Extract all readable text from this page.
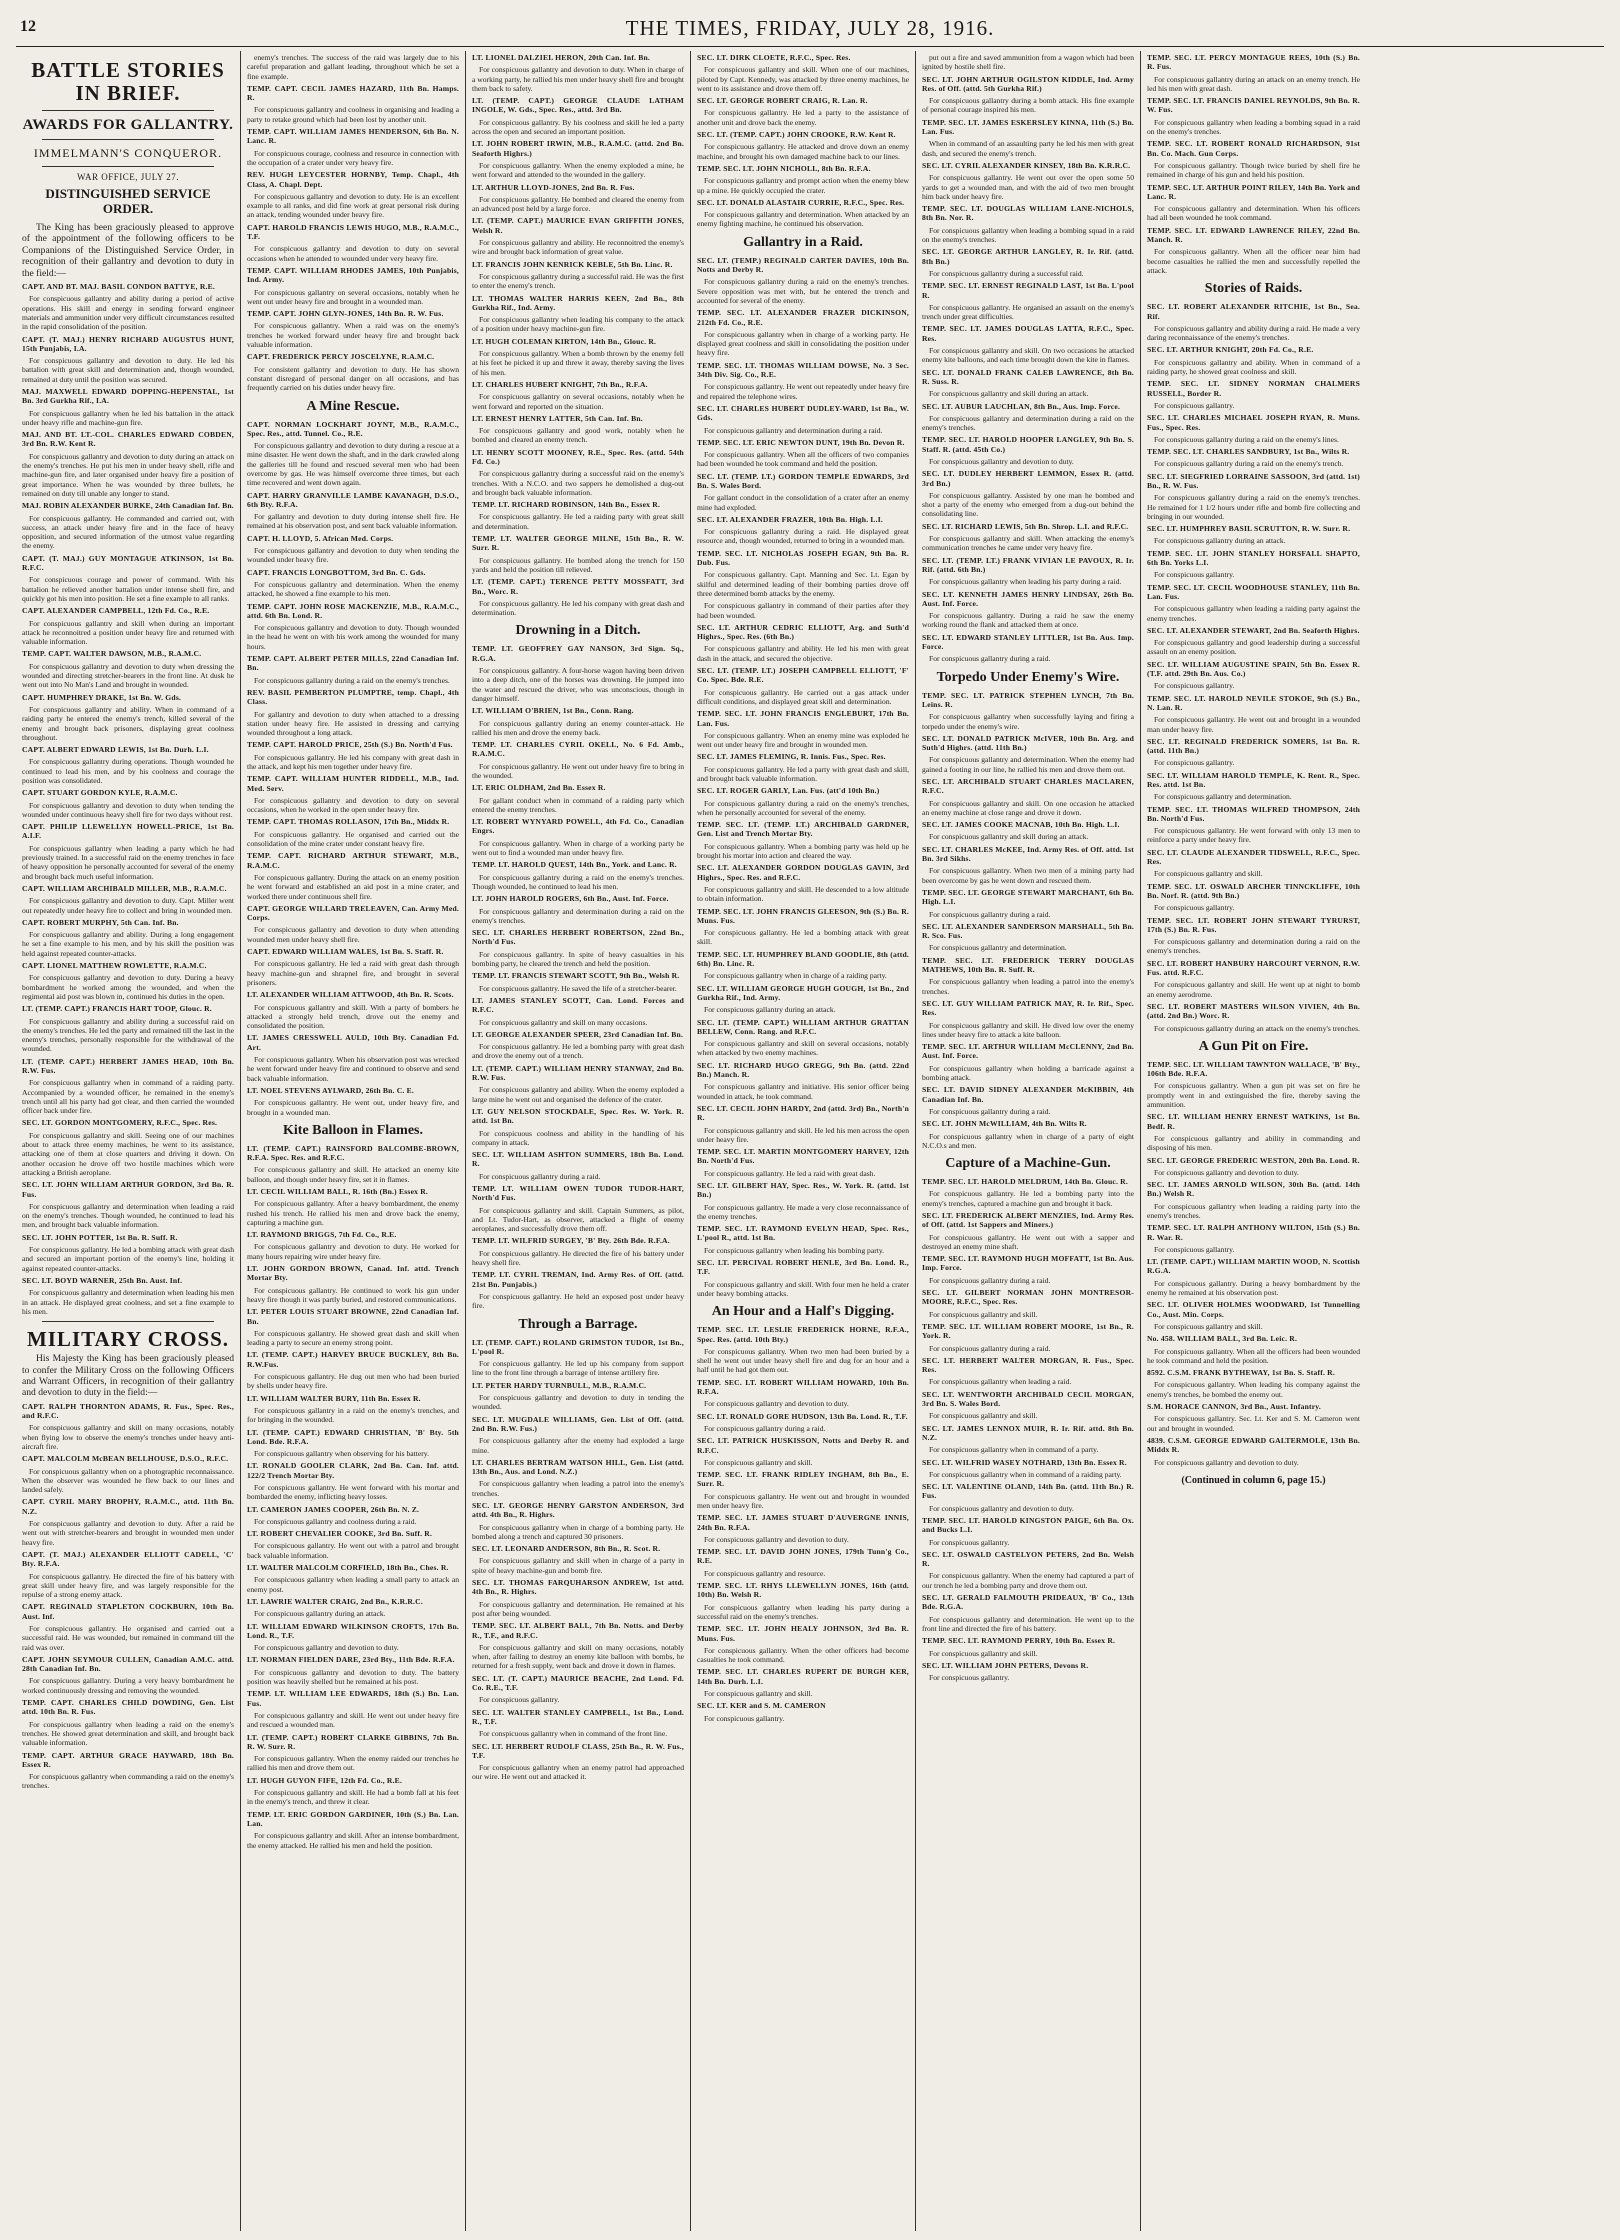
12	THE TIMES, FRIDAY, JULY 28, 1916.
BATTLE STORIES IN BRIEF.
AWARDS FOR GALLANTRY.
IMMELMANN'S CONQUEROR.
WAR OFFICE, JULY 27.
DISTINGUISHED SERVICE ORDER.

The King has been graciously pleased to approve of the appointment of the following officers to be Companions of the Distinguished Service Order, in recognition of their gallantry and devotion to duty in the field:—

CAPT. AND BT. MAJ. BASIL CONDON BATTYE, R.E.

For conspicuous gallantry and ability during a period of active operations. His skill and energy in sending forward engineer materials and ammunition under very difficult circumstances resulted in the rapid consolidation of the position.

CAPT. (T. MAJ.) HENRY RICHARD AUGUSTUS HUNT, 15th Punjabis, I.A.

For conspicuous gallantry and devotion to duty. He led his battalion with great skill and determination and, though wounded, remained at duty until the position was secured.

MAJ. MAXWELL EDWARD DOPPING-HEPENSTAL, 1st Bn. 3rd Gurkha Rif., I.A.

For conspicuous gallantry when he led his battalion in the attack under heavy rifle and machine-gun fire.

MAJ. AND BT. LT.-COL. CHARLES EDWARD COBDEN, 3rd Bn. R.W. Kent R.

For conspicuous gallantry and devotion to duty during an attack on the enemy's trenches. He put his men in under heavy shell, rifle and machine-gun fire, and later organised under heavy fire a position of great importance. When he was wounded by three bullets, he remained on duty till unable any longer to stand.

MAJ. ROBIN ALEXANDER BURKE, 24th Canadian Inf. Bn.

For conspicuous gallantry. He commanded and carried out, with success, an attack under heavy fire and in the face of heavy opposition, and secured information of the utmost value regarding the enemy.

CAPT. (T. MAJ.) GUY MONTAGUE ATKINSON, 1st Bn. R.F.C.

For conspicuous courage and power of command. With his battalion he relieved another battalion under intense shell fire, and quickly got his men into position. He set a fine example to all ranks.

CAPT. ALEXANDER CAMPBELL, 12th Fd. Co., R.E.

For conspicuous gallantry and skill when during an important attack he reconnoitred a position under heavy fire and returned with valuable information.

TEMP. CAPT. WALTER DAWSON, M.B., R.A.M.C.

For conspicuous gallantry and devotion to duty when dressing the wounded and directing stretcher-bearers in the front line. At dusk he went out into No Man's Land and brought in wounded.

CAPT. HUMPHREY DRAKE, 1st Bn. W. Gds.

For conspicuous gallantry and ability. When in command of a raiding party he entered the enemy's trench, killed several of the enemy and brought back prisoners, displaying great coolness throughout.

CAPT. ALBERT EDWARD LEWIS, 1st Bn. Durh. L.I.

For conspicuous gallantry during operations. Though wounded he continued to lead his men, and by his coolness and courage the position was consolidated.

CAPT. STUART GORDON KYLE, R.A.M.C.

For conspicuous gallantry and devotion to duty when tending the wounded under continuous heavy shell fire for two days without rest.

CAPT. PHILIP LLEWELLYN HOWELL-PRICE, 1st Bn. A.I.F.

For conspicuous gallantry when leading a party which he had previously trained. In a successful raid on the enemy trenches in face of heavy opposition he personally accounted for several of the enemy and brought back much useful information.

CAPT. WILLIAM ARCHIBALD MILLER, M.B., R.A.M.C.

For conspicuous gallantry and devotion to duty. Capt. Miller went out repeatedly under heavy fire to collect and bring in wounded men.

CAPT. ROBERT MURPHY, 5th Can. Inf. Bn.

For conspicuous gallantry and ability. During a long engagement he set a fine example to his men, and by his skill the position was held against repeated counter-attacks.

CAPT. LIONEL MATTHEW ROWLETTE, R.A.M.C.

For conspicuous gallantry and devotion to duty. During a heavy bombardment he worked among the wounded, and when the regimental aid post was blown in, continued his duties in the open.

LT. (TEMP. CAPT.) FRANCIS HART TOOP, Glouc. R.

For conspicuous gallantry and ability during a successful raid on the enemy's trenches. He led the party and remained till the last in the enemy's trenches, personally responsible for the withdrawal of the wounded.

LT. (TEMP. CAPT.) HERBERT JAMES HEAD, 10th Bn. R.W. Fus.

For conspicuous gallantry when in command of a raiding party. Accompanied by a wounded officer, he remained in the enemy's trench until all his party had got clear, and then carried the wounded officer back under fire.

SEC. LT. GORDON MONTGOMERY, R.F.C., Spec. Res.

For conspicuous gallantry and skill. Seeing one of our machines about to attack three enemy machines, he went to its assistance, attacking one of them at close quarters and driving it down. On another occasion he drove off two hostile machines which were attacking a British aeroplane.

SEC. LT. JOHN WILLIAM ARTHUR GORDON, 3rd Bn. R. Fus.

For conspicuous gallantry and determination when leading a raid on the enemy's trenches. Though wounded, he continued to lead his men, and brought back valuable information.

SEC. LT. JOHN POTTER, 1st Bn. R. Suff. R.

For conspicuous gallantry. He led a bombing attack with great dash and secured an important portion of the enemy's line, holding it against repeated counter-attacks.

SEC. LT. BOYD WARNER, 25th Bn. Aust. Inf.

For conspicuous gallantry and determination when leading his men in an attack. He displayed great coolness, and set a fine example to his men.

MILITARY CROSS.

His Majesty the King has been graciously pleased to confer the Military Cross on the following Officers and Warrant Officers, in recognition of their gallantry and devotion to duty in the field:—

CAPT. RALPH THORNTON ADAMS, R. Fus., Spec. Res., and R.F.C.

For conspicuous gallantry and skill on many occasions, notably when flying low to observe the enemy's trenches under heavy anti-aircraft fire.

CAPT. MALCOLM McBEAN BELLHOUSE, D.S.O., R.F.C.

For conspicuous gallantry when on a photographic reconnaissance. When the observer was wounded he flew back to our lines and landed safely.

CAPT. CYRIL MARY BROPHY, R.A.M.C., attd. 11th Bn. N.Z.

For conspicuous gallantry and devotion to duty. After a raid he went out with stretcher-bearers and brought in wounded men under heavy fire.

CAPT. (T. MAJ.) ALEXANDER ELLIOTT CADELL, 'C' Bty. R.F.A.

For conspicuous gallantry. He directed the fire of his battery with great skill under heavy fire, and was largely responsible for the repulse of a strong enemy attack.

CAPT. REGINALD STAPLETON COCKBURN, 10th Bn. Aust. Inf.

For conspicuous gallantry. He organised and carried out a successful raid. He was wounded, but remained in command till the raid was over.

CAPT. JOHN SEYMOUR CULLEN, Canadian A.M.C. attd. 28th Canadian Inf. Bn.

For conspicuous gallantry. During a very heavy bombardment he worked continuously dressing and removing the wounded.

TEMP. CAPT. CHARLES CHILD DOWDING, Gen. List attd. 10th Bn. R. Fus.

For conspicuous gallantry when leading a raid on the enemy's trenches. He showed great determination and skill, and brought back valuable information.

TEMP. CAPT. ARTHUR GRACE HAYWARD, 18th Bn. Essex R.

For conspicuous gallantry when commanding a raid on the enemy's trenches.

enemy's trenches. The success of the raid was largely due to his careful preparation and gallant leading, throughout which he set a fine example.

TEMP. CAPT. CECIL JAMES HAZARD, 11th Bn. Hamps. R.

For conspicuous gallantry and coolness in organising and leading a party to retake ground which had been lost by another unit.

TEMP. CAPT. WILLIAM JAMES HENDERSON, 6th Bn. N. Lanc. R.

For conspicuous courage, coolness and resource in connection with the occupation of a crater under very heavy fire.

REV. HUGH LEYCESTER HORNBY, Temp. Chapl., 4th Class, A. Chapl. Dept.

For conspicuous gallantry and devotion to duty. He is an excellent example to all ranks, and did fine work at great personal risk during an attack, tending wounded under heavy fire.

CAPT. HAROLD FRANCIS LEWIS HUGO, M.B., R.A.M.C., T.F.

For conspicuous gallantry and devotion to duty on several occasions when he attended to wounded under very heavy fire.

TEMP. CAPT. WILLIAM RHODES JAMES, 10th Punjabis, Ind. Army.

For conspicuous gallantry on several occasions, notably when he went out under heavy fire and brought in a wounded man.

TEMP. CAPT. JOHN GLYN-JONES, 14th Bn. R. W. Fus.

For conspicuous gallantry. When a raid was on the enemy's trenches he worked forward under heavy fire and brought back valuable information.

CAPT. FREDERICK PERCY JOSCELYNE, R.A.M.C.

For consistent gallantry and devotion to duty. He has shown constant disregard of personal danger on all occasions, and has frequently carried on his duties under heavy fire.

A Mine Rescue.

CAPT. NORMAN LOCKHART JOYNT, M.B., R.A.M.C., Spec. Res., attd. Tunnel. Co., R.E.

For conspicuous gallantry and devotion to duty during a rescue at a mine disaster. He went down the shaft, and in the dark crawled along the galleries till he found and rescued several men who had been overcome by gas. He was himself overcome three times, but each time recovered and went down again.

CAPT. HARRY GRANVILLE LAMBE KAVANAGH, D.S.O., 6th Bty. R.F.A.

For gallantry and devotion to duty during intense shell fire. He remained at his observation post, and sent back valuable information.

CAPT. H. LLOYD, 5. African Med. Corps.

For conspicuous gallantry and devotion to duty when tending the wounded under heavy fire.

CAPT. FRANCIS LONGBOTTOM, 3rd Bn. C. Gds.

For conspicuous gallantry and determination. When the enemy attacked, he showed a fine example to his men.

TEMP. CAPT. JOHN ROSE MACKENZIE, M.B., R.A.M.C., attd. 6th Bn. Lond. R.

For conspicuous gallantry and devotion to duty. Though wounded in the head he went on with his work among the wounded for many hours.

TEMP. CAPT. ALBERT PETER MILLS, 22nd Canadian Inf. Bn.

For conspicuous gallantry during a raid on the enemy's trenches.

REV. BASIL PEMBERTON PLUMPTRE, temp. Chapl., 4th Class.

For gallantry and devotion to duty when attached to a dressing station under heavy fire. He assisted in dressing and carrying wounded throughout a long attack.

TEMP. CAPT. HAROLD PRICE, 25th (S.) Bn. North'd Fus.

For conspicuous gallantry. He led his company with great dash in the attack, and kept his men together under heavy fire.

TEMP. CAPT. WILLIAM HUNTER RIDDELL, M.B., Ind. Med. Serv.

For conspicuous gallantry and devotion to duty on several occasions, when he worked in the open under heavy fire.

TEMP. CAPT. THOMAS ROLLASON, 17th Bn., Middx R.

For conspicuous gallantry. He organised and carried out the consolidation of the mine crater under constant heavy fire.

TEMP. CAPT. RICHARD ARTHUR STEWART, M.B., R.A.M.C.

For conspicuous gallantry. During the attack on an enemy position he went forward and established an aid post in a mine crater, and worked there under continuous shell fire.

CAPT. GEORGE WILLARD TRELEAVEN, Can. Army Med. Corps.

For conspicuous gallantry and devotion to duty when attending wounded men under heavy shell fire.

CAPT. EDWARD WILLIAM WALES, 1st Bn. S. Staff. R.

For conspicuous gallantry. He led a raid with great dash through heavy machine-gun and shrapnel fire, and brought in several prisoners.

LT. ALEXANDER WILLIAM ATTWOOD, 4th Bn. R. Scots.

For conspicuous gallantry and skill. With a party of bombers he attacked a strongly held trench, drove out the enemy and consolidated the position.

LT. JAMES CRESSWELL AULD, 10th Bty. Canadian Fd. Art.

For conspicuous gallantry. When his observation post was wrecked he went forward under heavy fire and continued to observe and send back valuable information.

LT. NOEL STEVENS AYLWARD, 26th Bn. C. E.

For conspicuous gallantry. He went out, under heavy fire, and brought in a wounded man.

Kite Balloon in Flames.

LT. (TEMP. CAPT.) RAINSFORD BALCOMBE-BROWN, R.F.A. Spec. Res. and R.F.C.

For conspicuous gallantry and skill. He attacked an enemy kite balloon, and though under heavy fire, set it in flames.

LT. CECIL WILLIAM BALL, R. 16th (Bn.) Essex R.

For conspicuous gallantry. After a heavy bombardment, the enemy rushed his trench. He rallied his men and drove back the enemy, capturing a machine gun.

LT. RAYMOND BRIGGS, 7th Fd. Co., R.E.

For conspicuous gallantry and devotion to duty. He worked for many hours repairing wire under heavy fire.

LT. JOHN GORDON BROWN, Canad. Inf. attd. Trench Mortar Bty.

For conspicuous gallantry. He continued to work his gun under heavy fire though it was partly buried, and restored communications.

LT. PETER LOUIS STUART BROWNE, 22nd Canadian Inf. Bn.

For conspicuous gallantry. He showed great dash and skill when leading a party to secure an enemy strong point.

LT. (TEMP. CAPT.) HARVEY BRUCE BUCKLEY, 8th Bn. R.W.Fus.

For conspicuous gallantry. He dug out men who had been buried by shells under heavy fire.

LT. WILLIAM WALTER BURY, 11th Bn. Essex R.

For conspicuous gallantry in a raid on the enemy's trenches, and for bringing in the wounded.

LT. (TEMP. CAPT.) EDWARD CHRISTIAN, 'B' Bty. 5th Lond. Bde. R.F.A.

For conspicuous gallantry when observing for his battery.

LT. RONALD GOOLER CLARK, 2nd Bn. Can. Inf. attd. 122/2 Trench Mortar Bty.

For conspicuous gallantry. He went forward with his mortar and bombarded the enemy, inflicting heavy losses.

LT. CAMERON JAMES COOPER, 26th Bn. N. Z.

For conspicuous gallantry and coolness during a raid.

LT. ROBERT CHEVALIER COOKE, 3rd Bn. Suff. R.

For conspicuous gallantry. He went out with a patrol and brought back valuable information.

LT. WALTER MALCOLM CORFIELD, 18th Bn., Ches. R.

For conspicuous gallantry when leading a small party to attack an enemy post.

LT. LAWRIE WALTER CRAIG, 2nd Bn., K.R.R.C.

For conspicuous gallantry during an attack.

LT. WILLIAM EDWARD WILKINSON CROFTS, 17th Bn. Lond. R., T.F.

For conspicuous gallantry and devotion to duty.

LT. NORMAN FIELDEN DARE, 23rd Bty., 11th Bde. R.F.A.

For conspicuous gallantry and devotion to duty. The battery position was heavily shelled but he remained at his post.

TEMP. LT. WILLIAM LEE EDWARDS, 18th (S.) Bn. Lan. Fus.

For conspicuous gallantry and skill. He went out under heavy fire and rescued a wounded man.

LT. (TEMP. CAPT.) ROBERT CLARKE GIBBINS, 7th Bn. R. W. Surr. R.

For conspicuous gallantry. When the enemy raided our trenches he rallied his men and drove them out.

LT. HUGH GUYON FIFE, 12th Fd. Co., R.E.

For conspicuous gallantry and skill. He had a bomb fall at his feet in the enemy's trench, and threw it clear.

TEMP. LT. ERIC GORDON GARDINER, 10th (S.) Bn. Lan. Lan.

For conspicuous gallantry and skill. After an intense bombardment, the enemy attacked. He rallied his men and held the position.

LT. LIONEL DALZIEL HERON, 20th Can. Inf. Bn.

For conspicuous gallantry and devotion to duty. When in charge of a working party, he rallied his men under heavy shell fire and brought them back to safety.

LT. (TEMP. CAPT.) GEORGE CLAUDE LATHAM INGOLE, W. Gds., Spec. Res., attd. 3rd Bn.

For conspicuous gallantry. By his coolness and skill he led a party across the open and secured an important position.

LT. JOHN ROBERT IRWIN, M.B., R.A.M.C. (attd. 2nd Bn. Seaforth Highrs.)

For conspicuous gallantry. When the enemy exploded a mine, he went forward and attended to the wounded in the gallery.

LT. ARTHUR LLOYD-JONES, 2nd Bn. R. Fus.

For conspicuous gallantry. He bombed and cleared the enemy from an advanced post held by a large force.

LT. (TEMP. CAPT.) MAURICE EVAN GRIFFITH JONES, Welsh R.

For conspicuous gallantry and ability. He reconnoitred the enemy's wire and brought back information of great value.

LT. FRANCIS JOHN KENRICK KEBLE, 5th Bn. Linc. R.

For conspicuous gallantry during a successful raid. He was the first to enter the enemy's trench.

LT. THOMAS WALTER HARRIS KEEN, 2nd Bn., 8th Gurkha Rif., Ind. Army.

For conspicuous gallantry when leading his company to the attack of a position under heavy machine-gun fire.

LT. HUGH COLEMAN KIRTON, 14th Bn., Glouc. R.

For conspicuous gallantry. When a bomb thrown by the enemy fell at his feet he picked it up and threw it away, thereby saving the lives of his men.

LT. CHARLES HUBERT KNIGHT, 7th Bn., R.F.A.

For conspicuous gallantry on several occasions, notably when he went forward and reported on the situation.

LT. ERNEST HENRY LATTER, 5th Can. Inf. Bn.

For conspicuous gallantry and good work, notably when he bombed and cleared an enemy trench.

LT. HENRY SCOTT MOONEY, R.E., Spec. Res. (attd. 54th Fd. Co.)

For conspicuous gallantry during a successful raid on the enemy's trenches. With a N.C.O. and two sappers he demolished a dug-out and brought back valuable information.

TEMP. LT. RICHARD ROBINSON, 14th Bn., Essex R.

For conspicuous gallantry. He led a raiding party with great skill and determination.

TEMP. LT. WALTER GEORGE MILNE, 15th Bn., R. W. Surr. R.

For conspicuous gallantry. He bombed along the trench for 150 yards and held the position till relieved.

LT. (TEMP. CAPT.) TERENCE PETTY MOSSFATT, 3rd Bn., Worc. R.

For conspicuous gallantry. He led his company with great dash and determination.

Drowning in a Ditch.

TEMP. LT. GEOFFREY GAY NANSON, 3rd Sign. Sq., R.G.A.

For conspicuous gallantry. A four-horse wagon having been driven into a deep ditch, one of the horses was drowning. He jumped into the water and rescued the driver, who was unconscious, though in danger himself.

LT. WILLIAM O'BRIEN, 1st Bn., Conn. Rang.

For conspicuous gallantry during an enemy counter-attack. He rallied his men and drove the enemy back.

TEMP. LT. CHARLES CYRIL OKELL, No. 6 Fd. Amb., R.A.M.C.

For conspicuous gallantry. He went out under heavy fire to bring in the wounded.

LT. ERIC OLDHAM, 2nd Bn. Essex R.

For gallant conduct when in command of a raiding party which entered the enemy trenches.

LT. ROBERT WYNYARD POWELL, 4th Fd. Co., Canadian Engrs.

For conspicuous gallantry. When in charge of a working party he went out to find a wounded man under heavy fire.

TEMP. LT. HAROLD QUEST, 14th Bn., York. and Lanc. R.

For conspicuous gallantry during a raid on the enemy's trenches. Though wounded, he continued to lead his men.

LT. JOHN HAROLD ROGERS, 6th Bn., Aust. Inf. Force.

For conspicuous gallantry and determination during a raid on the enemy's trenches.

SEC. LT. CHARLES HERBERT ROBERTSON, 22nd Bn., North'd Fus.

For conspicuous gallantry. In spite of heavy casualties in his bombing party, he cleared the trench and held the position.

TEMP. LT. FRANCIS STEWART SCOTT, 9th Bn., Welsh R.

For conspicuous gallantry. He saved the life of a stretcher-bearer.

LT. JAMES STANLEY SCOTT, Can. Lond. Forces and R.F.C.

For conspicuous gallantry and skill on many occasions.

LT. GEORGE ALEXANDER SPEER, 23rd Canadian Inf. Bn.

For conspicuous gallantry. He led a bombing party with great dash and drove the enemy out of a trench.

LT. (TEMP. CAPT.) WILLIAM HENRY STANWAY, 2nd Bn. R.W. Fus.

For conspicuous gallantry and ability. When the enemy exploded a large mine he went out and organised the defence of the crater.

LT. GUY NELSON STOCKDALE, Spec. Res. W. York. R. attd. 1st Bn.

For conspicuous coolness and ability in the handling of his company in attack.

SEC. LT. WILLIAM ASHTON SUMMERS, 18th Bn. Lond. R.

For conspicuous gallantry during a raid.

TEMP. LT. WILLIAM OWEN TUDOR TUDOR-HART, North'd Fus.

For conspicuous gallantry and skill. Captain Summers, as pilot, and Lt. Tudor-Hart, as observer, attacked a flight of enemy aeroplanes, and successfully drove them off.

TEMP. LT. WILFRID SURGEY, 'B' Bty. 26th Bde. R.F.A.

For conspicuous gallantry. He directed the fire of his battery under heavy shell fire.

TEMP. LT. CYRIL TREMAN, Ind. Army Res. of Off. (attd. 21st Bn. Punjabis.)

For conspicuous gallantry. He held an exposed post under heavy fire.

Through a Barrage.

LT. (TEMP. CAPT.) ROLAND GRIMSTON TUDOR, 1st Bn., L'pool R.

For conspicuous gallantry. He led up his company from support line to the front line through a barrage of intense artillery fire.

LT. PETER HARDY TURNBULL, M.B., R.A.M.C.

For conspicuous gallantry and devotion to duty in tending the wounded.

SEC. LT. MUGDALE WILLIAMS, Gen. List of Off. (attd. 2nd Bn. R.W. Fus.)

For conspicuous gallantry after the enemy had exploded a large mine.

LT. CHARLES BERTRAM WATSON HILL, Gen. List (attd. 13th Bn., Aus. and Lond. N.Z.)

For conspicuous gallantry when leading a patrol into the enemy's trenches.

SEC. LT. GEORGE HENRY GARSTON ANDERSON, 3rd attd. 4th Bn., R. Highrs.

For conspicuous gallantry when in charge of a bombing party. He bombed along a trench and captured 30 prisoners.

SEC. LT. LEONARD ANDERSON, 8th Bn., R. Scot. R.

For conspicuous gallantry and skill when in charge of a party in spite of heavy machine-gun and bomb fire.

SEC. LT. THOMAS FARQUHARSON ANDREW, 1st attd. 4th Bn., R. Highrs.

For conspicuous gallantry and determination. He remained at his post after being wounded.

TEMP. SEC. LT. ALBERT BALL, 7th Bn. Notts. and Derby R., T.F., and R.F.C.

For conspicuous gallantry and skill on many occasions, notably when, after failing to destroy an enemy kite balloon with bombs, he returned for a fresh supply, went back and drove it down in flames.

SEC. LT. (T. CAPT.) MAURICE BEACHE, 2nd Lond. Fd. Co. R.E., T.F.

For conspicuous gallantry.

SEC. LT. WALTER STANLEY CAMPBELL, 1st Bn., Lond. R., T.F.

For conspicuous gallantry when in command of the front line.

SEC. LT. HERBERT RUDOLF CLASS, 25th Bn., R. W. Fus., T.F.

For conspicuous gallantry when an enemy patrol had approached our wire. He went out and attacked it.

SEC. LT. DIRK CLOETE, R.F.C., Spec. Res.

For conspicuous gallantry and skill. When one of our machines, piloted by Capt. Kennedy, was attacked by three enemy machines, he went to its assistance and drove them off.

SEC. LT. GEORGE ROBERT CRAIG, R. Lan. R.

For conspicuous gallantry. He led a party to the assistance of another unit and drove back the enemy.

SEC. LT. (TEMP. CAPT.) JOHN CROOKE, R.W. Kent R.

For conspicuous gallantry. He attacked and drove down an enemy machine, and brought his own damaged machine back to our lines.

TEMP. SEC. LT. JOHN NICHOLL, 8th Bn. R.F.A.

For conspicuous gallantry and prompt action when the enemy blew up a mine. He quickly occupied the crater.

SEC. LT. DONALD ALASTAIR CURRIE, R.F.C., Spec. Res.

For conspicuous gallantry and determination. When attacked by an enemy fighting machine, he continued his observation.

Gallantry in a Raid.

SEC. LT. (TEMP.) REGINALD CARTER DAVIES, 10th Bn. Notts and Derby R.

For conspicuous gallantry during a raid on the enemy's trenches. Severe opposition was met with, but he entered the trench and accounted for several of the enemy.

TEMP. SEC. LT. ALEXANDER FRAZER DICKINSON, 212th Fd. Co., R.E.

For conspicuous gallantry when in charge of a working party. He displayed great coolness and skill in consolidating the position under heavy fire.

TEMP. SEC. LT. THOMAS WILLIAM DOWSE, No. 3 Sec. 34th Div. Sig. Co., R.E.

For conspicuous gallantry. He went out repeatedly under heavy fire and repaired the telephone wires.

SEC. LT. CHARLES HUBERT DUDLEY-WARD, 1st Bn., W. Gds.

For conspicuous gallantry and determination during a raid.

TEMP. SEC. LT. ERIC NEWTON DUNT, 19th Bn. Devon R.

For conspicuous gallantry. When all the officers of two companies had been wounded he took command and held the position.

SEC. LT. (TEMP. LT.) GORDON TEMPLE EDWARDS, 3rd Bn. S. Wales Bord.

For gallant conduct in the consolidation of a crater after an enemy mine had exploded.

SEC. LT. ALEXANDER FRAZER, 10th Bn. High. L.I.

For conspicuous gallantry during a raid. He displayed great resource and, though wounded, returned to bring in a wounded man.

TEMP. SEC. LT. NICHOLAS JOSEPH EGAN, 9th Bn. R. Dub. Fus.

For conspicuous gallantry. Capt. Manning and Sec. Lt. Egan by skilful and determined leading of their bombing parties drove off three determined bomb attacks by the enemy.

For conspicuous gallantry in command of their parties after they had been wounded.

SEC. LT. ARTHUR CEDRIC ELLIOTT, Arg. and Suth'd Highrs., Spec. Res. (6th Bn.)

For conspicuous gallantry and ability. He led his men with great dash in the attack, and secured the objective.

SEC. LT. (TEMP. LT.) JOSEPH CAMPBELL ELLIOTT, 'F' Co. Spec. Bde. R.E.

For conspicuous gallantry. He carried out a gas attack under difficult conditions, and displayed great skill and determination.

TEMP. SEC. LT. JOHN FRANCIS ENGLEBURT, 17th Bn. Lan. Fus.

For conspicuous gallantry. When an enemy mine was exploded he went out under heavy fire and brought in wounded men.

SEC. LT. JAMES FLEMING, R. Innis. Fus., Spec. Res.

For conspicuous gallantry. He led a party with great dash and skill, and brought back valuable information.

SEC. LT. ROGER GARLY, Lan. Fus. (att'd 10th Bn.)

For conspicuous gallantry during a raid on the enemy's trenches, when he personally accounted for several of the enemy.

TEMP. SEC. LT. (TEMP. LT.) ARCHIBALD GARDNER, Gen. List and Trench Mortar Bty.

For conspicuous gallantry. When a bombing party was held up he brought his mortar into action and cleared the way.

SEC. LT. ALEXANDER GORDON DOUGLAS GAVIN, 3rd Highrs., Spec. Res. and R.F.C.

For conspicuous gallantry and skill. He descended to a low altitude to obtain information.

TEMP. SEC. LT. JOHN FRANCIS GLEESON, 9th (S.) Bn. R. Muns. Fus.

For conspicuous gallantry. He led a bombing attack with great skill.

TEMP. SEC. LT. HUMPHREY BLAND GOODLIE, 8th (attd. 6th) Bn. Linc. R.

For conspicuous gallantry when in charge of a raiding party.

SEC. LT. WILLIAM GEORGE HUGH GOUGH, 1st Bn., 2nd Gurkha Rif., Ind. Army.

For conspicuous gallantry during an attack.

SEC. LT. (TEMP. CAPT.) WILLIAM ARTHUR GRATTAN BELLEW, Conn. Rang. and R.F.C.

For conspicuous gallantry and skill on several occasions, notably when attacked by two enemy machines.

SEC. LT. RICHARD HUGO GREGG, 9th Bn. (attd. 22nd Bn.) Manch. R.

For conspicuous gallantry and initiative. His senior officer being wounded in attack, he took command.

SEC. LT. CECIL JOHN HARDY, 2nd (attd. 3rd) Bn., North'n R.

For conspicuous gallantry and skill. He led his men across the open under heavy fire.

TEMP. SEC. LT. MARTIN MONTGOMERY HARVEY, 12th Bn. North'd Fus.

For conspicuous gallantry. He led a raid with great dash.

SEC. LT. GILBERT HAY, Spec. Res., W. York. R. (attd. 1st Bn.)

For conspicuous gallantry. He made a very close reconnaissance of the enemy trenches.

TEMP. SEC. LT. RAYMOND EVELYN HEAD, Spec. Res., L'pool R., attd. 1st Bn.

For conspicuous gallantry when leading his bombing party.

SEC. LT. PERCIVAL ROBERT HENLE, 3rd Bn. Lond. R., T.F.

For conspicuous gallantry and skill. With four men he held a crater under heavy bombing attacks.

An Hour and a Half's Digging.

TEMP. SEC. LT. LESLIE FREDERICK HORNE, R.F.A., Spec. Res. (attd. 10th Bty.)

For conspicuous gallantry. When two men had been buried by a shell he went out under heavy shell fire and dug for an hour and a half until he had got them out.

TEMP. SEC. LT. ROBERT WILLIAM HOWARD, 10th Bn. R.F.A.

For conspicuous gallantry and devotion to duty.

SEC. LT. RONALD GORE HUDSON, 13th Bn. Lond. R., T.F.

For conspicuous gallantry during a raid.

SEC. LT. PATRICK HUSKISSON, Notts and Derby R. and R.F.C.

For conspicuous gallantry and skill.

TEMP. SEC. LT. FRANK RIDLEY INGHAM, 8th Bn., E. Surr. R.

For conspicuous gallantry. He went out and brought in wounded men under heavy fire.

TEMP. SEC. LT. JAMES STUART D'AUVERGNE INNIS, 24th Bn. R.F.A.

For conspicuous gallantry and devotion to duty.

TEMP. SEC. LT. DAVID JOHN JONES, 179th Tunn'g Co., R.E.

For conspicuous gallantry and resource.

TEMP. SEC. LT. RHYS LLEWELLYN JONES, 16th (attd. 10th) Bn. Welsh R.

For conspicuous gallantry when leading his party during a successful raid on the enemy's trenches.

TEMP. SEC. LT. JOHN HEALY JOHNSON, 3rd Bn. R. Muns. Fus.

For conspicuous gallantry. When the other officers had become casualties he took command.

TEMP. SEC. LT. CHARLES RUPERT DE BURGH KER, 14th Bn. Durh. L.I.

For conspicuous gallantry and skill.

SEC. LT. KER and S. M. CAMERON

For conspicuous gallantry.

put out a fire and saved ammunition from a wagon which had been ignited by hostile shell fire.

SEC. LT. JOHN ARTHUR OGILSTON KIDDLE, Ind. Army Res. of Off. (attd. 5th Gurkha Rif.)

For conspicuous gallantry during a bomb attack. His fine example of personal courage inspired his men.

TEMP. SEC. LT. JAMES ESKERSLEY KINNA, 11th (S.) Bn. Lan. Fus.

When in command of an assaulting party he led his men with great dash, and secured the enemy's trench.

SEC. LT. CYRIL ALEXANDER KINSEY, 18th Bn. K.R.R.C.

For conspicuous gallantry. He went out over the open some 50 yards to get a wounded man, and with the aid of two men brought him back under heavy fire.

TEMP. SEC. LT. DOUGLAS WILLIAM LANE-NICHOLS, 8th Bn. Nor. R.

For conspicuous gallantry when leading a bombing squad in a raid on the enemy's trenches.

SEC. LT. GEORGE ARTHUR LANGLEY, R. Ir. Rif. (attd. 8th Bn.)

For conspicuous gallantry during a successful raid.

TEMP. SEC. LT. ERNEST REGINALD LAST, 1st Bn. L'pool R.

For conspicuous gallantry. He organised an assault on the enemy's trench under great difficulties.

TEMP. SEC. LT. JAMES DOUGLAS LATTA, R.F.C., Spec. Res.

For conspicuous gallantry and skill. On two occasions he attacked enemy kite balloons, and each time brought down the kite in flames.

SEC. LT. DONALD FRANK CALEB LAWRENCE, 8th Bn. R. Suss. R.

For conspicuous gallantry and skill during an attack.

SEC. LT. AUBUR LAUCHLAN, 8th Bn., Aus. Imp. Force.

For conspicuous gallantry and determination during a raid on the enemy's trenches.

TEMP. SEC. LT. HAROLD HOOPER LANGLEY, 9th Bn. S. Staff. R. (attd. 45th Co.)

For conspicuous gallantry and devotion to duty.

SEC. LT. DUDLEY HERBERT LEMMON, Essex R. (attd. 3rd Bn.)

For conspicuous gallantry. Assisted by one man he bombed and shot a party of the enemy who emerged from a dug-out behind the consolidating line.

SEC. LT. RICHARD LEWIS, 5th Bn. Shrop. L.I. and R.F.C.

For conspicuous gallantry and skill. When attacking the enemy's communication trenches he came under very heavy fire.

SEC. LT. (TEMP. LT.) FRANK VIVIAN LE PAVOUX, R. Ir. Rif. (attd. 6th Bn.)

For conspicuous gallantry when leading his party during a raid.

SEC. LT. KENNETH JAMES HENRY LINDSAY, 26th Bn. Aust. Inf. Force.

For conspicuous gallantry. During a raid he saw the enemy working round the flank and attacked them at once.

SEC. LT. EDWARD STANLEY LITTLER, 1st Bn. Aus. Imp. Force.

For conspicuous gallantry during a raid.

Torpedo Under Enemy's Wire.

TEMP. SEC. LT. PATRICK STEPHEN LYNCH, 7th Bn. Leins. R.

For conspicuous gallantry when successfully laying and firing a torpedo under the enemy's wire.

SEC. LT. DONALD PATRICK McIVER, 10th Bn. Arg. and Suth'd Highrs. (attd. 11th Bn.)

For conspicuous gallantry and determination. When the enemy had gained a footing in our line, he rallied his men and drove them out.

SEC. LT. ARCHIBALD STUART CHARLES MACLAREN, R.F.C.

For conspicuous gallantry and skill. On one occasion he attacked an enemy machine at close range and drove it down.

SEC. LT. JAMES COOKE MACNAB, 10th Bn. High. L.I.

For conspicuous gallantry and skill during an attack.

SEC. LT. CHARLES McKEE, Ind. Army Res. of Off. attd. 1st Bn. 3rd Sikhs.

For conspicuous gallantry. When two men of a mining party had been overcome by gas he went down and rescued them.

TEMP. SEC. LT. GEORGE STEWART MARCHANT, 6th Bn. High. L.I.

For conspicuous gallantry during a raid.

SEC. LT. ALEXANDER SANDERSON MARSHALL, 5th Bn. R. Sco. Fus.

For conspicuous gallantry and determination.

TEMP. SEC. LT. FREDERICK TERRY DOUGLAS MATHEWS, 10th Bn. R. Suff. R.

For conspicuous gallantry when leading a patrol into the enemy's trenches.

SEC. LT. GUY WILLIAM PATRICK MAY, R. Ir. Rif., Spec. Res.

For conspicuous gallantry and skill. He dived low over the enemy lines under heavy fire to attack a kite balloon.

TEMP. SEC. LT. ARTHUR WILLIAM McCLENNY, 2nd Bn. Aust. Inf. Force.

For conspicuous gallantry when holding a barricade against a bombing attack.

SEC. LT. DAVID SIDNEY ALEXANDER McKIBBIN, 4th Canadian Inf. Bn.

For conspicuous gallantry during a raid.

SEC. LT. JOHN McWILLIAM, 4th Bn. Wilts R.

For conspicuous gallantry when in charge of a party of eight N.C.O.s and men.

Capture of a Machine-Gun.

TEMP. SEC. LT. HAROLD MELDRUM, 14th Bn. Glouc. R.

For conspicuous gallantry. He led a bombing party into the enemy's trenches, captured a machine gun and brought it back.

SEC. LT. FREDERICK ALBERT MENZIES, Ind. Army Res. of Off. (attd. 1st Sappers and Miners.)

For conspicuous gallantry. He went out with a sapper and destroyed an enemy mine shaft.

TEMP. SEC. LT. RAYMOND HUGH MOFFATT, 1st Bn. Aus. Imp. Force.

For conspicuous gallantry during a raid.

SEC. LT. GILBERT NORMAN JOHN MONTRESOR-MOORE, R.F.C., Spec. Res.

For conspicuous gallantry and skill.

TEMP. SEC. LT. WILLIAM ROBERT MOORE, 1st Bn., R. York. R.

For conspicuous gallantry during a raid.

SEC. LT. HERBERT WALTER MORGAN, R. Fus., Spec. Res.

For conspicuous gallantry when leading a raid.

SEC. LT. WENTWORTH ARCHIBALD CECIL MORGAN, 3rd Bn. S. Wales Bord.

For conspicuous gallantry and skill.

SEC. LT. JAMES LENNOX MUIR, R. Ir. Rif. attd. 8th Bn. N.Z.

For conspicuous gallantry when in command of a party.

SEC. LT. WILFRID WASEY NOTHARD, 13th Bn. Essex R.

For conspicuous gallantry when in command of a raiding party.

SEC. LT. VALENTINE OLAND, 14th Bn. (attd. 11th Bn.) R. Fus.

For conspicuous gallantry and devotion to duty.

TEMP. SEC. LT. HAROLD KINGSTON PAIGE, 6th Bn. Ox. and Bucks L.I.

For conspicuous gallantry.

SEC. LT. OSWALD CASTELYON PETERS, 2nd Bn. Welsh R.

For conspicuous gallantry. When the enemy had captured a part of our trench he led a bombing party and drove them out.

SEC. LT. GERALD FALMOUTH PRIDEAUX, 'B' Co., 13th Bde. R.G.A.

For conspicuous gallantry and determination. He went up to the front line and directed the fire of his battery.

TEMP. SEC. LT. RAYMOND PERRY, 10th Bn. Essex R.

For conspicuous gallantry and skill.

SEC. LT. WILLIAM JOHN PETERS, Devons R.

For conspicuous gallantry.

TEMP. SEC. LT. PERCY MONTAGUE REES, 10th (S.) Bn. R. Fus.

For conspicuous gallantry during an attack on an enemy trench. He led his men with great dash.

TEMP. SEC. LT. FRANCIS DANIEL REYNOLDS, 9th Bn. R. W. Fus.

For conspicuous gallantry when leading a bombing squad in a raid on the enemy's trenches.

TEMP. SEC. LT. ROBERT RONALD RICHARDSON, 91st Bn. Co. Mach. Gun Corps.

For conspicuous gallantry. Though twice buried by shell fire he remained in charge of his gun and held his position.

TEMP. SEC. LT. ARTHUR POINT RILEY, 14th Bn. York and Lanc. R.

For conspicuous gallantry and determination. When his officers had all been wounded he took command.

TEMP. SEC. LT. EDWARD LAWRENCE RILEY, 22nd Bn. Manch. R.

For conspicuous gallantry. When all the officer near him had become casualties he rallied the men and successfully repelled the attack.

Stories of Raids.

SEC. LT. ROBERT ALEXANDER RITCHIE, 1st Bn., Sea. Rif.

For conspicuous gallantry and ability during a raid. He made a very daring reconnaissance of the enemy's trenches.

SEC. LT. ARTHUR KNIGHT, 20th Fd. Co., R.E.

For conspicuous gallantry and ability. When in command of a raiding party, he showed great coolness and skill.

TEMP. SEC. LT. SIDNEY NORMAN CHALMERS RUSSELL, Border R.

For conspicuous gallantry.

SEC. LT. CHARLES MICHAEL JOSEPH RYAN, R. Muns. Fus., Spec. Res.

For conspicuous gallantry during a raid on the enemy's lines.

TEMP. SEC. LT. CHARLES SANDBURY, 1st Bn., Wilts R.

For conspicuous gallantry during a raid on the enemy's trench.

SEC. LT. SIEGFRIED LORRAINE SASSOON, 3rd (attd. 1st) Bn., R. W. Fus.

For conspicuous gallantry during a raid on the enemy's trenches. He remained for 1 1/2 hours under rifle and bomb fire collecting and bringing in our wounded.

SEC. LT. HUMPHREY BASIL SCRUTTON, R. W. Surr. R.

For conspicuous gallantry during an attack.

TEMP. SEC. LT. JOHN STANLEY HORSFALL SHAPTO, 6th Bn. Yorks L.I.

For conspicuous gallantry.

TEMP. SEC. LT. CECIL WOODHOUSE STANLEY, 11th Bn. Lan. Fus.

For conspicuous gallantry when leading a raiding party against the enemy trenches.

SEC. LT. ALEXANDER STEWART, 2nd Bn. Seaforth Highrs.

For conspicuous gallantry and good leadership during a successful assault on an enemy position.

SEC. LT. WILLIAM AUGUSTINE SPAIN, 5th Bn. Essex R. (T.F. attd. 29th Bn. Aus. Co.)

For conspicuous gallantry.

TEMP. SEC. LT. HAROLD NEVILE STOKOE, 9th (S.) Bn., N. Lan. R.

For conspicuous gallantry. He went out and brought in a wounded man under heavy fire.

SEC. LT. REGINALD FREDERICK SOMERS, 1st Bn. R. (attd. 11th Bn.)

For conspicuous gallantry.

SEC. LT. WILLIAM HAROLD TEMPLE, K. Rent. R., Spec. Res. attd. 1st Bn.

For conspicuous gallantry and determination.

TEMP. SEC. LT. THOMAS WILFRED THOMPSON, 24th Bn. North'd Fus.

For conspicuous gallantry. He went forward with only 13 men to reinforce a party under heavy fire.

SEC. LT. CLAUDE ALEXANDER TIDSWELL, R.F.C., Spec. Res.

For conspicuous gallantry and skill.

TEMP. SEC. LT. OSWALD ARCHER TINNCKLIFFE, 10th Bn. Norf. R. (attd. 9th Bn.)

For conspicuous gallantry.

TEMP. SEC. LT. ROBERT JOHN STEWART TYRURST, 17th (S.) Bn. R. Fus.

For conspicuous gallantry and determination during a raid on the enemy's trenches.

SEC. LT. ROBERT HANBURY HARCOURT VERNON, R.W. Fus. attd. R.F.C.

For conspicuous gallantry and skill. He went up at night to bomb an enemy aerodrome.

SEC. LT. ROBERT MASTERS WILSON VIVIEN, 4th Bn. (attd. 2nd Bn.) Worc. R.

For conspicuous gallantry during an attack on the enemy's trenches.

A Gun Pit on Fire.

TEMP. SEC. LT. WILLIAM TAWNTON WALLACE, 'B' Bty., 106th Bde. R.F.A.

For conspicuous gallantry. When a gun pit was set on fire he promptly went in and extinguished the fire, thereby saving the ammunition.

SEC. LT. WILLIAM HENRY ERNEST WATKINS, 1st Bn. Bedf. R.

For conspicuous gallantry and ability in commanding and disposing of his men.

SEC. LT. GEORGE FREDERIC WESTON, 20th Bn. Lond. R.

For conspicuous gallantry and devotion to duty.

SEC. LT. JAMES ARNOLD WILSON, 30th Bn. (attd. 14th Bn.) Welsh R.

For conspicuous gallantry when leading a raiding party into the enemy's trenches.

TEMP. SEC. LT. RALPH ANTHONY WILTON, 15th (S.) Bn. R. War. R.

For conspicuous gallantry.

LT. (TEMP. CAPT.) WILLIAM MARTIN WOOD, N. Scottish R.G.A.

For conspicuous gallantry. During a heavy bombardment by the enemy he remained at his observation post.

SEC. LT. OLIVER HOLMES WOODWARD, 1st Tunnelling Co., Aust. Min. Corps.

For conspicuous gallantry and skill.

No. 458. WILLIAM BALL, 3rd Bn. Leic. R.

For conspicuous gallantry. When all the officers had been wounded he took command and held the position.

8592. C.S.M. FRANK BYTHEWAY, 1st Bn. S. Staff. R.

For conspicuous gallantry. When leading his company against the enemy's trenches, he bombed the enemy out.

S.M. HORACE CANNON, 3rd Bn., Aust. Infantry.

For conspicuous gallantry. Sec. Lt. Ker and S. M. Cameron went out and brought in wounded.

4839. C.S.M. GEORGE EDWARD GALTERMOLE, 13th Bn. Middx R.

For conspicuous gallantry and devotion to duty.

(Continued in column 6, page 15.)
